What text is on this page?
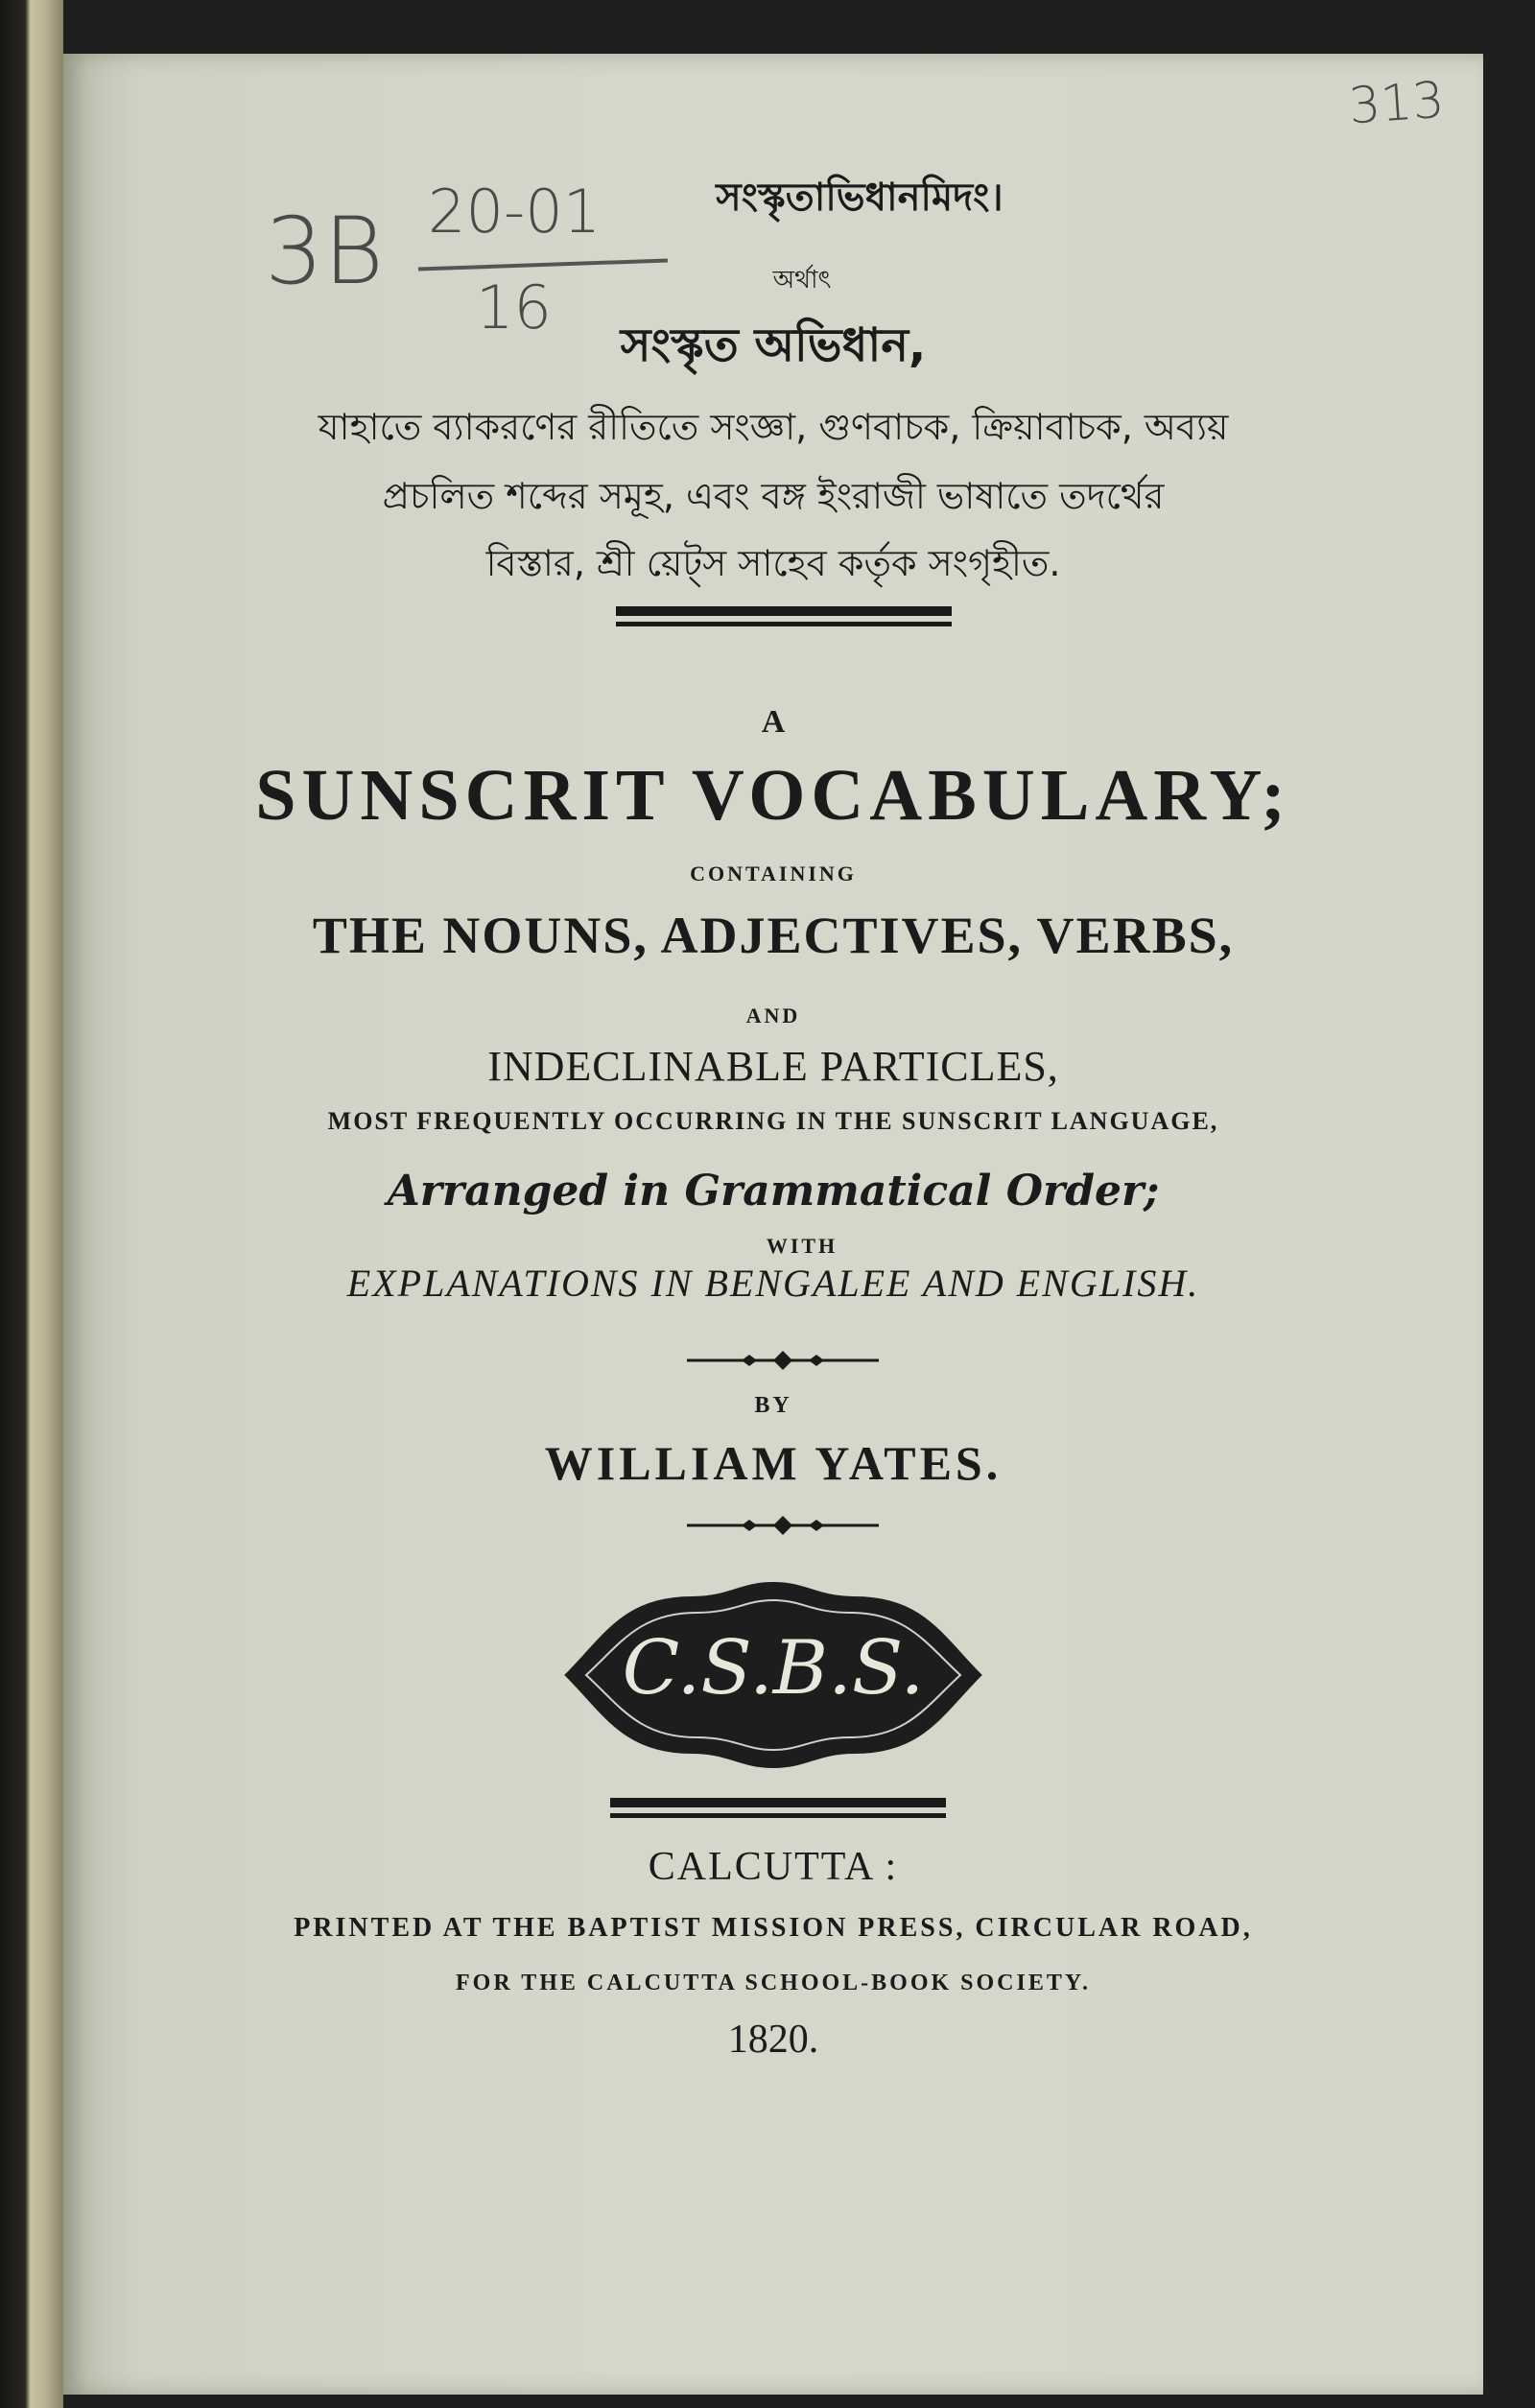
313
3B 20-01
16
সংস্কৃতাভিধানমিদং।
অর্থাৎ
সংস্কৃত অভিধান,
যাহাতে ব্যাকরণের রীতিতে সংজ্ঞা, গুণবাচক, ক্রিয়াবাচক, অব্যয়
প্রচলিত শব্দের সমূহ, এবং বঙ্গ ইংরাজী ভাষাতে তদর্থের
বিস্তার, শ্রী য়েট্স সাহেব কর্তৃক সংগৃহীত.
A
SUNSCRIT VOCABULARY;
CONTAINING
THE NOUNS, ADJECTIVES, VERBS,
AND
INDECLINABLE PARTICLES,
MOST FREQUENTLY OCCURRING IN THE SUNSCRIT LANGUAGE,
Arranged in Grammatical Order;
WITH
EXPLANATIONS IN BENGALEE AND ENGLISH.
BY
WILLIAM YATES.
C.S.B.S.
CALCUTTA :
PRINTED AT THE BAPTIST MISSION PRESS, CIRCULAR ROAD,
FOR THE CALCUTTA SCHOOL-BOOK SOCIETY.
1820.
